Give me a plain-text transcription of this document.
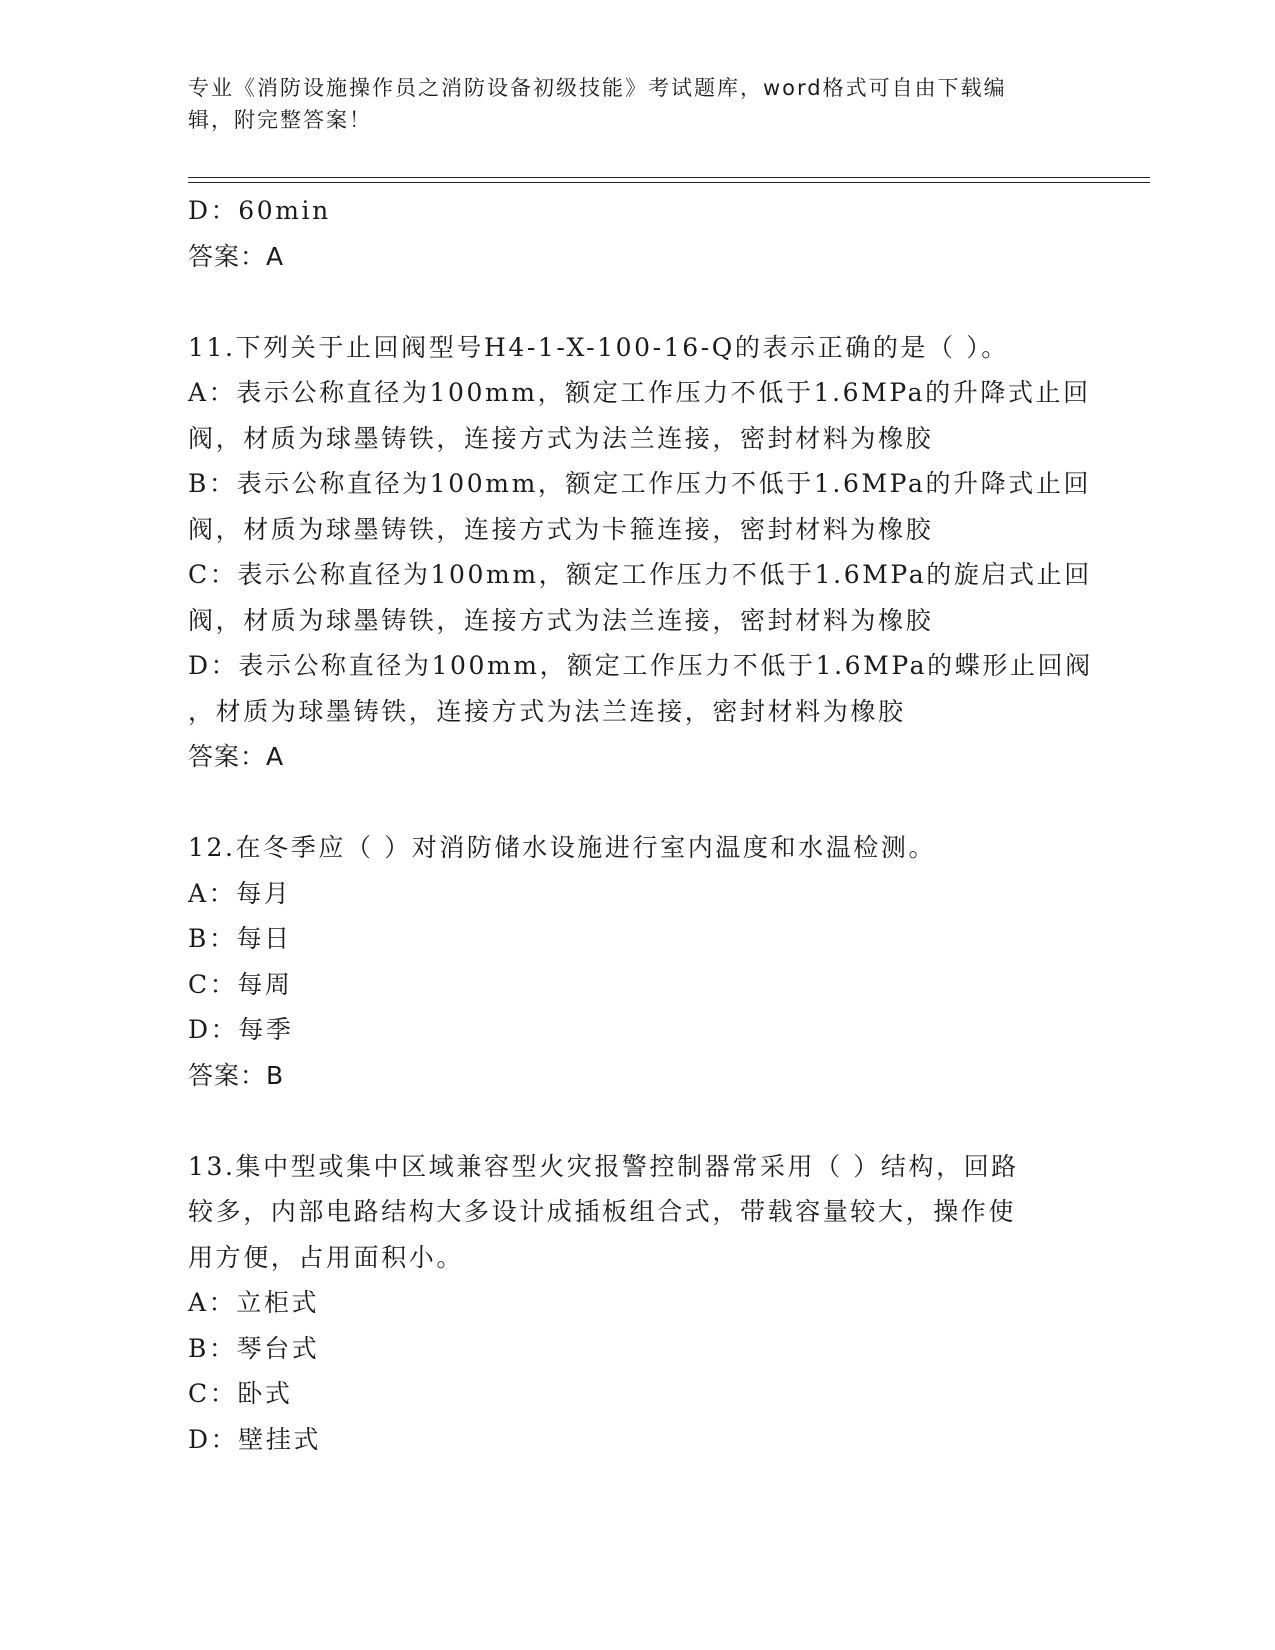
专业《消防设施操作员之消防设备初级技能》考试题库，word格式可自由下载编
辑，附完整答案！
D：60min
答案：A
11.下列关于止回阀型号H4-1-X-100-16-Q的表示正确的是（ ）。
A：表示公称直径为100mm，额定工作压力不低于1.6MPa的升降式止回
阀，材质为球墨铸铁，连接方式为法兰连接，密封材料为橡胶
B：表示公称直径为100mm，额定工作压力不低于1.6MPa的升降式止回
阀，材质为球墨铸铁，连接方式为卡箍连接，密封材料为橡胶
C：表示公称直径为100mm，额定工作压力不低于1.6MPa的旋启式止回
阀，材质为球墨铸铁，连接方式为法兰连接，密封材料为橡胶
D：表示公称直径为100mm，额定工作压力不低于1.6MPa的蝶形止回阀
，材质为球墨铸铁，连接方式为法兰连接，密封材料为橡胶
答案：A
12.在冬季应（ ）对消防储水设施进行室内温度和水温检测。
A：每月
B：每日
C：每周
D：每季
答案：B
13.集中型或集中区域兼容型火灾报警控制器常采用（ ）结构，回路
较多，内部电路结构大多设计成插板组合式，带载容量较大，操作使
用方便，占用面积小。
A：立柜式
B：琴台式
C：卧式
D：壁挂式
